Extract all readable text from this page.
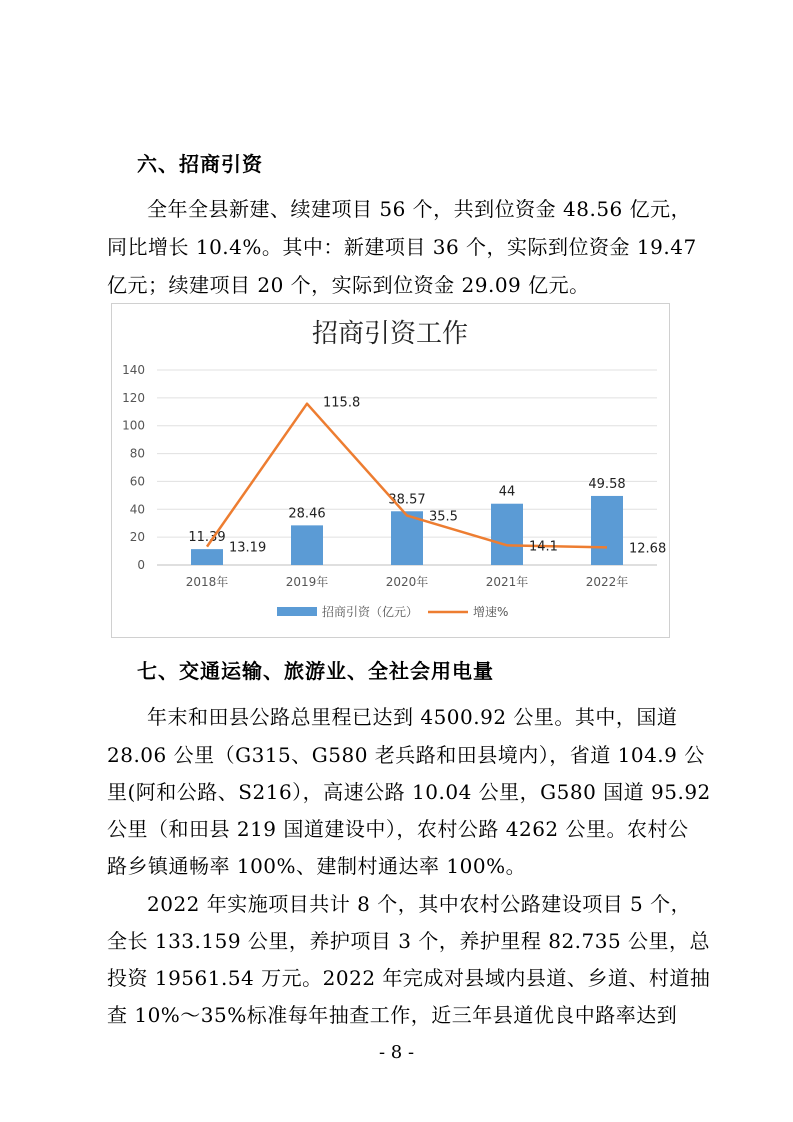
六、招商引资
全年全县新建、续建项目 56 个，共到位资金 48.56 亿元，
同比增长 10.4%。其中：新建项目 36 个，实际到位资金 19.47
亿元；续建项目 20 个，实际到位资金 29.09 亿元。
招商引资工作
0
20
40
60
80
100
120
140
11.39
28.46
38.57
44
49.58
2018年	2019年	2020年	2021年	2022年
13.19
115.8
35.5
14.1	12.68
招商引资（亿元）	增速%
七、交通运输、旅游业、全社会用电量
年末和田县公路总里程已达到 4500.92 公里。其中，国道
28.06 公里（G315、G580 老兵路和田县境内），省道 104.9 公
里(阿和公路、S216），高速公路 10.04 公里，G580 国道 95.92
公里（和田县 219 国道建设中），农村公路 4262 公里。农村公
路乡镇通畅率 100%、建制村通达率 100%。
2022 年实施项目共计 8 个，其中农村公路建设项目 5 个，
全长 133.159 公里，养护项目 3 个，养护里程 82.735 公里，总
投资 19561.54 万元。2022 年完成对县域内县道、乡道、村道抽
查 10%～35%标准每年抽查工作，近三年县道优良中路率达到
- 8 -
